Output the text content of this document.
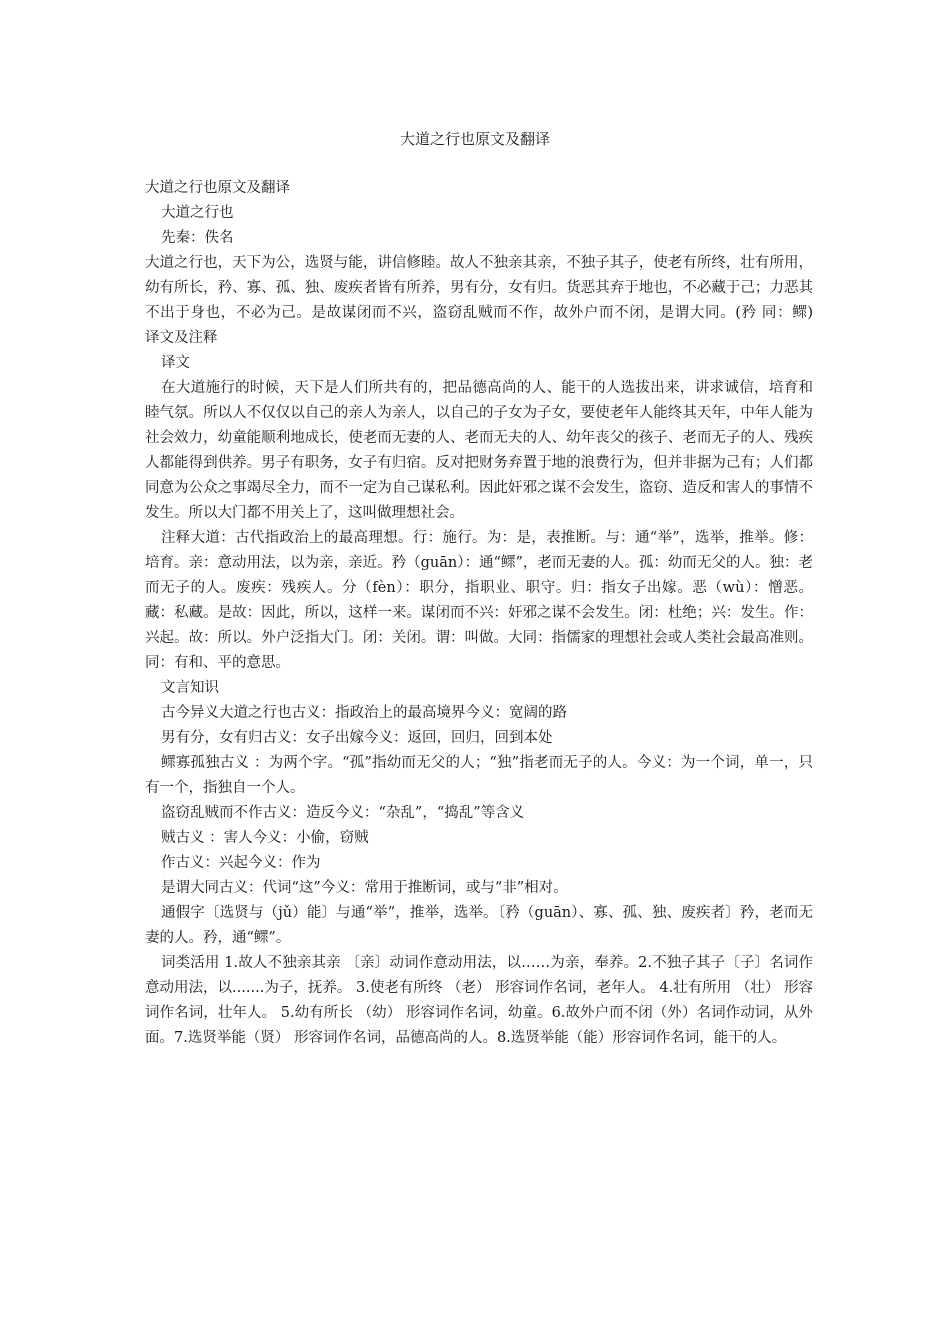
大道之行也原文及翻译

大道之行也原文及翻译

大道之行也

先秦：佚名

大道之行也，天下为公，选贤与能，讲信修睦。故人不独亲其亲，不独子其子，使老有所终，壮有所用，幼有所长，矜、寡、孤、独、废疾者皆有所养，男有分，女有归。货恶其弃于地也，不必藏于己；力恶其不出于身也，不必为己。是故谋闭而不兴，盗窃乱贼而不作，故外户而不闭，是谓大同。(矜 同：鳏)　译文及注释

译文

在大道施行的时候，天下是人们所共有的，把品德高尚的人、能干的人选拔出来，讲求诚信，培育和睦气氛。所以人不仅仅以自己的亲人为亲人，以自己的子女为子女，要使老年人能终其天年，中年人能为社会效力，幼童能顺利地成长，使老而无妻的人、老而无夫的人、幼年丧父的孩子、老而无子的人、残疾人都能得到供养。男子有职务，女子有归宿。反对把财务弃置于地的浪费行为，但并非据为己有；人们都同意为公众之事竭尽全力，而不一定为自己谋私利。因此奸邪之谋不会发生，盗窃、造反和害人的事情不发生。所以大门都不用关上了，这叫做理想社会。

注释大道：古代指政治上的最高理想。行：施行。为：是，表推断。与：通“举”，选举，推举。修：培育。亲：意动用法，以为亲，亲近。矜（guān）：通“鳏”，老而无妻的人。孤：幼而无父的人。独：老而无子的人。废疾：残疾人。分（fèn）：职分，指职业、职守。归：指女子出嫁。恶（wù）：憎恶。藏：私藏。是故：因此，所以，这样一来。谋闭而不兴：奸邪之谋不会发生。闭：杜绝；兴：发生。作：兴起。故：所以。外户泛指大门。闭：关闭。谓：叫做。大同：指儒家的理想社会或人类社会最高准则。同：有和、平的意思。

文言知识

古今异义大道之行也古义：指政治上的最高境界今义：宽阔的路

男有分，女有归古义：女子出嫁今义：返回，回归，回到本处

鳏寡孤独古义 ：为两个字。“孤”指幼而无父的人；“独”指老而无子的人。今义：为一个词，单一，只有一个，指独自一个人。

盗窃乱贼而不作古义：造反今义：“杂乱”，“捣乱”等含义

贼古义 ：害人今义：小偷，窃贼

作古义：兴起今义：作为

是谓大同古义：代词“这”今义：常用于推断词，或与“非”相对。

通假字〔选贤与（jǔ）能〕与通“举”，推举，选举。〔矜（guān）、寡、孤、独、废疾者〕矜，老而无妻的人。矜，通“鳏”。

词类活用 1.故人不独亲其亲 〔亲〕动词作意动用法，以……为亲，奉养。2.不独子其子〔子〕名词作意动用法，以.......为子，抚养。 3.使老有所终 （老） 形容词作名词，老年人。 4.壮有所用 （壮） 形容词作名词，壮年人。 5.幼有所长 （幼） 形容词作名词，幼童。6.故外户而不闭（外）名词作动词，从外面。7.选贤举能（贤） 形容词作名词，品德高尚的人。8.选贤举能（能）形容词作名词，能干的人。
